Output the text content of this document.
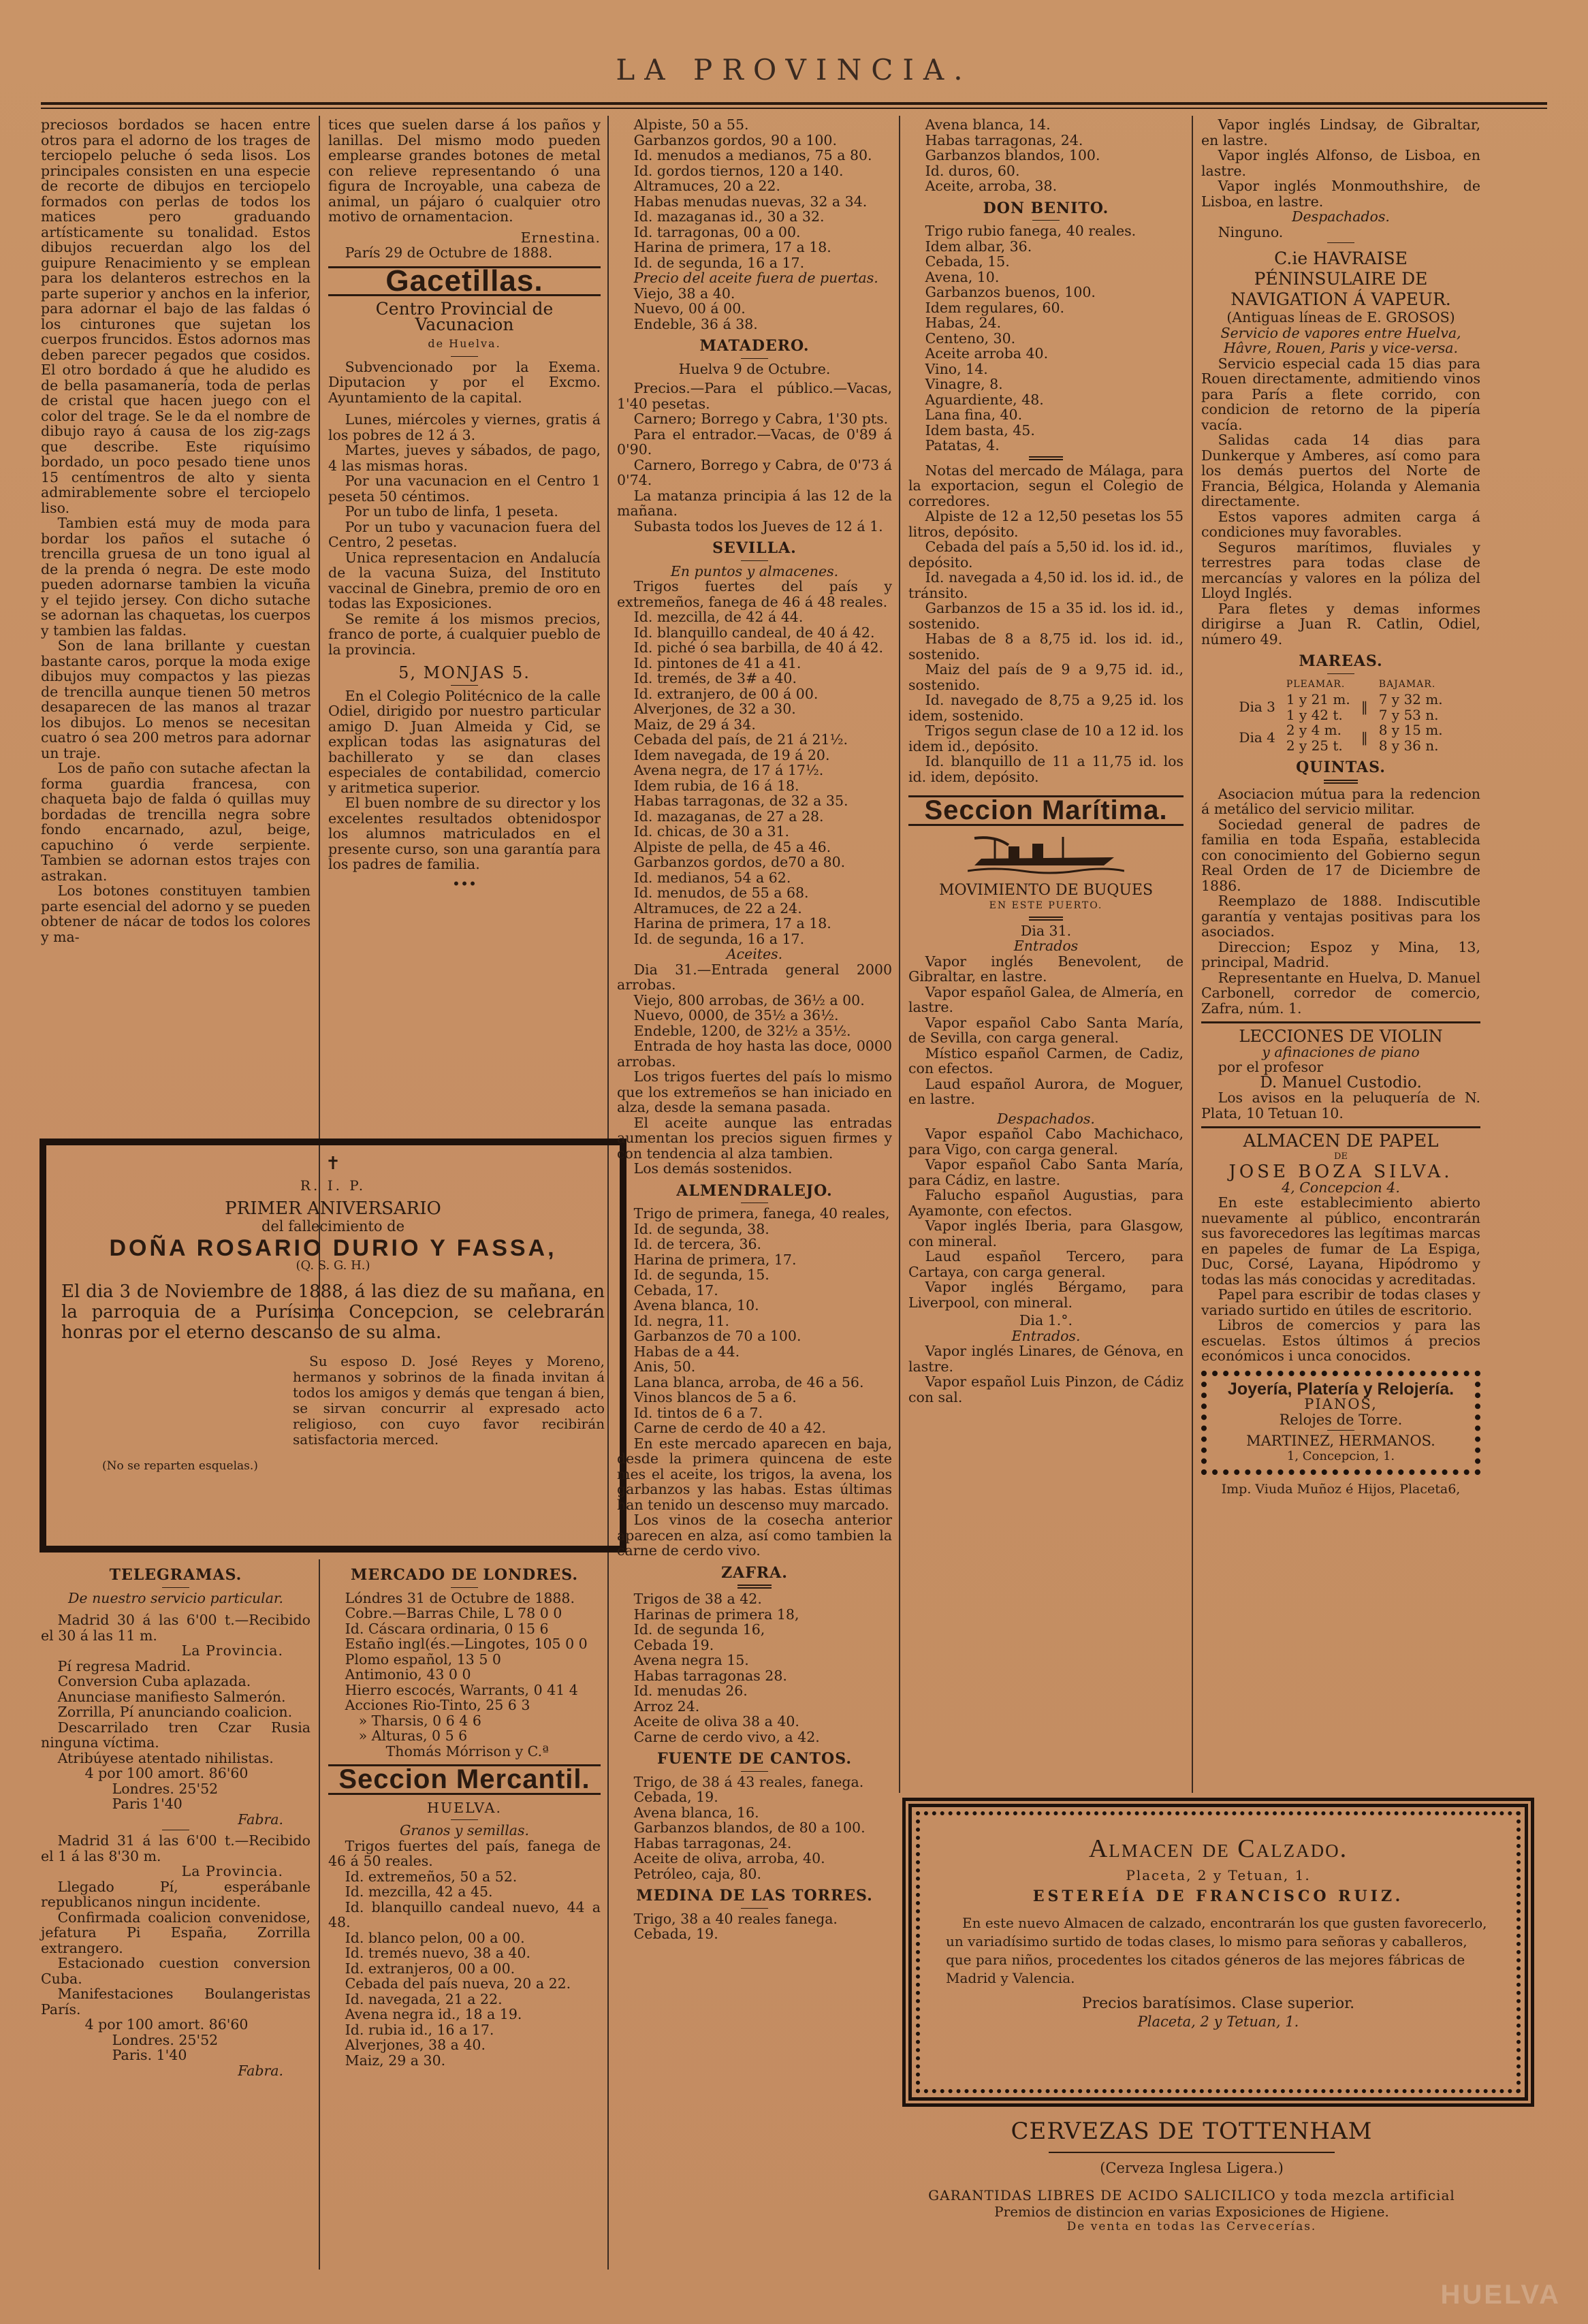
LA PROVINCIA.

preciosos bordados se hacen entre otros para el adorno de los trages de terciopelo peluche ó seda lisos. Los principales consisten en una especie de recorte de dibujos en terciopelo formados con perlas de todos los matices pero graduando artísticamente su tonalidad. Estos dibujos recuerdan algo los del guipure Renacimiento y se emplean para los delanteros estrechos en la parte superior y anchos en la inferior, para adornar el bajo de las faldas ó los cinturones que sujetan los cuerpos fruncidos. Estos adornos mas deben parecer pegados que cosidos. El otro bordado á que he aludido es de bella pasamanería, toda de perlas de cristal que hacen juego con el color del trage. Se le da el nombre de dibujo rayo á causa de los zig-zags que describe. Este riquísimo bordado, un poco pesado tiene unos 15 centímentros de alto y sienta admirablemente sobre el terciopelo liso.

Tambien está muy de moda para bordar los paños el sutache ó trencilla gruesa de un tono igual al de la prenda ó negra. De este modo pueden adornarse tambien la vicuña y el tejido jersey. Con dicho sutache se adornan las chaquetas, los cuerpos y tambien las faldas.

Son de lana brillante y cuestan bastante caros, porque la moda exige dibujos muy compactos y las piezas de trencilla aunque tienen 50 metros desaparecen de las manos al trazar los dibujos. Lo menos se necesitan cuatro ó sea 200 metros para adornar un traje.

Los de paño con sutache afectan la forma guardia francesa, con chaqueta bajo de falda ó quillas muy bordadas de trencilla negra sobre fondo encarnado, azul, beige, capuchino ó verde serpiente. Tambien se adornan estos trajes con astrakan.

Los botones constituyen tambien parte esencial del adorno y se pueden obtener de nácar de todos los colores y ma-

tices que suelen darse á los paños y lanillas. Del mismo modo pueden emplearse grandes botones de metal con relieve representando ó una figura de Incroyable, una cabeza de animal, un pájaro ó cualquier otro motivo de ornamentacion.

Ernestina.

París 29 de Octubre de 1888.

Gacetillas.
Centro Provincial de Vacunacion
de Huelva.

Subvencionado por la Exema. Diputacion y por el Excmo. Ayuntamiento de la capital.

Lunes, miércoles y viernes, gratis á los pobres de 12 á 3.

Martes, jueves y sábados, de pago, 4 las mismas horas.

Por una vacunacion en el Centro 1 peseta 50 céntimos.

Por un tubo de linfa, 1 peseta.

Por un tubo y vacunacion fuera del Centro, 2 pesetas.

Unica representacion en Andalucía de la vacuna Suiza, del Instituto vaccinal de Ginebra, premio de oro en todas las Exposiciones.

Se remite á los mismos precios, franco de porte, á cualquier pueblo de la provincia.

5, MONJAS 5.

En el Colegio Politécnico de la calle Odiel, dirigido por nuestro particular amigo D. Juan Almeida y Cid, se explican todas las asignaturas del bachillerato y se dan clases especiales de contabilidad, comercio y aritmetica superior.

El buen nombre de su director y los excelentes resultados obtenidospor los alumnos matriculados en el presente curso, son una garantía para los padres de familia.

•••
✝
R. I. P.
PRIMER ANIVERSARIO
del fallecimiento de
DOÑA ROSARIO DURIO Y FASSA,
(Q. S. G. H.)
El dia 3 de Noviembre de 1888, á las diez de su mañana, en la parroquia de a Purísima Concepcion, se celebrarán honras por el eterno descanso de su alma.
Su esposo D. José Reyes y Moreno, hermanos y sobrinos de la finada invitan á todos los amigos y demás que tengan á bien, se sirvan concurrir al expresado acto religioso, con cuyo favor recibirán satisfactoria merced.
(No se reparten esquelas.)
TELEGRAMAS.
De nuestro servicio particular.

Madrid 30 á las 6'00 t.—Recibido el 30 á las 11 m.

La Provincia.

Pí regresa Madrid.

Conversion Cuba aplazada.

Anunciase manifiesto Salmerón.

Zorrilla, Pí anunciando coalicion.

Descarrilado tren Czar Rusia ninguna víctima.

Atribúyese atentado nihilistas.

4 por 100 amort. 86'60

Londres. 25'52

Paris 1'40

Fabra.

Madrid 31 á las 6'00 t.—Recibido el 1 á las 8'30 m.

La Provincia.

Llegado Pí, esperábanle republicanos ningun incidente.

Confirmada coalicion convenidose, jefatura Pi España, Zorrilla extrangero.

Estacionado cuestion conversion Cuba.

Manifestaciones Boulangeristas París.

4 por 100 amort. 86'60

Londres. 25'52

Paris. 1'40

Fabra.

MERCADO DE LONDRES.

Lóndres 31 de Octubre de 1888.

Cobre.—Barras Chile, L 78 0 0

Id. Cáscara ordinaria, 0 15 6

Estaño ingl(és.—Lingotes, 105 0 0

Plomo español, 13 5 0

Antimonio, 43 0 0

Hierro escocés, Warrants, 0 41 4

Acciones Rio-Tinto, 25 6 3

» Tharsis, 0 6 4 6

» Alturas, 0 5 6

Thomás Mórrison y C.ª

Seccion Mercantil.
HUELVA.
Granos y semillas.

Trigos fuertes del país, fanega de 46 á 50 reales.

Id. extremeños, 50 a 52.

Id. mezcilla, 42 a 45.

Id. blanquillo candeal nuevo, 44 a 48.

Id. blanco pelon, 00 a 00.

Id. tremés nuevo, 38 a 40.

Id. extranjeros, 00 a 00.

Cebada del país nueva, 20 a 22.

Id. navegada, 21 a 22.

Avena negra id., 18 a 19.

Id. rubia id., 16 a 17.

Alverjones, 38 a 40.

Maiz, 29 a 30.

Alpiste, 50 a 55.

Garbanzos gordos, 90 a 100.

Id. menudos a medianos, 75 a 80.

Id. gordos tiernos, 120 a 140.

Altramuces, 20 a 22.

Habas menudas nuevas, 32 a 34.

Id. mazaganas id., 30 a 32.

Id. tarragonas, 00 a 00.

Harina de primera, 17 a 18.

Id. de segunda, 16 a 17.

Precio del aceite fuera de puertas.

Viejo, 38 a 40.

Nuevo, 00 á 00.

Endeble, 36 á 38.

MATADERO.
Huelva 9 de Octubre.

Precios.—Para el público.—Vacas, 1'40 pesetas.

Carnero; Borrego y Cabra, 1'30 pts.

Para el entrador.—Vacas, de 0'89 á 0'90.

Carnero, Borrego y Cabra, de 0'73 á 0'74.

La matanza principia á las 12 de la mañana.

Subasta todos los Jueves de 12 á 1.

SEVILLA.
En puntos y almacenes.

Trigos fuertes del país y extremeños, fanega de 46 á 48 reales.

Id. mezcilla, de 42 á 44.

Id. blanquillo candeal, de 40 á 42.

Id. piché ó sea barbilla, de 40 á 42.

Id. pintones de 41 a 41.

Id. tremés, de 3# a 40.

Id. extranjero, de 00 á 00.

Alverjones, de 32 a 30.

Maiz, de 29 á 34.

Cebada del país, de 21 á 21½.

Idem navegada, de 19 á 20.

Avena negra, de 17 á 17½.

Idem rubia, de 16 á 18.

Habas tarragonas, de 32 a 35.

Id. mazaganas, de 27 a 28.

Id. chicas, de 30 a 31.

Alpiste de pella, de 45 a 46.

Garbanzos gordos, de70 a 80.

Id. medianos, 54 a 62.

Id. menudos, de 55 a 68.

Altramuces, de 22 a 24.

Harina de primera, 17 a 18.

Id. de segunda, 16 a 17.

Aceites.

Dia 31.—Entrada general 2000 arrobas.

Viejo, 800 arrobas, de 36½ a 00.

Nuevo, 0000, de 35½ a 36½.

Endeble, 1200, de 32½ a 35½.

Entrada de hoy hasta las doce, 0000 arrobas.

Los trigos fuertes del país lo mismo que los extremeños se han iniciado en alza, desde la semana pasada.

El aceite aunque las entradas aumentan los precios siguen firmes y con tendencia al alza tambien.

Los demás sostenidos.

ALMENDRALEJO.

Trigo de primera, fanega, 40 reales,

Id. de segunda, 38.

Id. de tercera, 36.

Harina de primera, 17.

Id. de segunda, 15.

Cebada, 17.

Avena blanca, 10.

Id. negra, 11.

Garbanzos de 70 a 100.

Habas de a 44.

Anis, 50.

Lana blanca, arroba, de 46 a 56.

Vinos blancos de 5 a 6.

Id. tintos de 6 a 7.

Carne de cerdo de 40 a 42.

En este mercado aparecen en baja, desde la primera quincena de este mes el aceite, los trigos, la avena, los garbanzos y las habas. Estas últimas han tenido un descenso muy marcado.

Los vinos de la cosecha anterior aparecen en alza, así como tambien la carne de cerdo vivo.

ZAFRA.

Trigos de 38 a 42.

Harinas de primera 18,

Id. de segunda 16,

Cebada 19.

Avena negra 15.

Habas tarragonas 28.

Id. menudas 26.

Arroz 24.

Aceite de oliva 38 a 40.

Carne de cerdo vivo, a 42.

FUENTE DE CANTOS.

Trigo, de 38 á 43 reales, fanega.

Cebada, 19.

Avena blanca, 16.

Garbanzos blandos, de 80 a 100.

Habas tarragonas, 24.

Aceite de oliva, arroba, 40.

Petróleo, caja, 80.

MEDINA DE LAS TORRES.

Trigo, 38 a 40 reales fanega.

Cebada, 19.

Avena blanca, 14.

Habas tarragonas, 24.

Garbanzos blandos, 100.

Id. duros, 60.

Aceite, arroba, 38.

DON BENITO.

Trigo rubio fanega, 40 reales.

Idem albar, 36.

Cebada, 15.

Avena, 10.

Garbanzos buenos, 100.

Idem regulares, 60.

Habas, 24.

Centeno, 30.

Aceite arroba 40.

Vino, 14.

Vinagre, 8.

Aguardiente, 48.

Lana fina, 40.

Idem basta, 45.

Patatas, 4.

Notas del mercado de Málaga, para la exportacion, segun el Colegio de corredores.

Alpiste de 12 a 12,50 pesetas los 55 litros, depósito.

Cebada del país a 5,50 id. los id. id., depósito.

Id. navegada a 4,50 id. los id. id., de tránsito.

Garbanzos de 15 a 35 id. los id. id., sostenido.

Habas de 8 a 8,75 id. los id. id., sostenido.

Maiz del país de 9 a 9,75 id. id., sostenido.

Id. navegado de 8,75 a 9,25 id. los idem, sostenido.

Trigos segun clase de 10 a 12 id. los idem id., depósito.

Id. blanquillo de 11 a 11,75 id. los id. idem, depósito.

Seccion Marítima.
MOVIMIENTO DE BUQUES
EN ESTE PUERTO.
Dia 31.
Entrados

Vapor inglés Benevolent, de Gibraltar, en lastre.

Vapor español Galea, de Almería, en lastre.

Vapor español Cabo Santa María, de Sevilla, con carga general.

Místico español Carmen, de Cadiz, con efectos.

Laud español Aurora, de Moguer, en lastre.

Despachados.

Vapor español Cabo Machichaco, para Vigo, con carga general.

Vapor español Cabo Santa María, para Cádiz, en lastre.

Falucho español Augustias, para Ayamonte, con efectos.

Vapor inglés Iberia, para Glasgow, con mineral.

Laud español Tercero, para Cartaya, con carga general.

Vapor inglés Bérgamo, para Liverpool, con mineral.

Dia 1.°.
Entrados.

Vapor inglés Linares, de Génova, en lastre.

Vapor español Luis Pinzon, de Cádiz con sal.

Vapor inglés Lindsay, de Gibraltar, en lastre.

Vapor inglés Alfonso, de Lisboa, en lastre.

Vapor inglés Monmouthshire, de Lisboa, en lastre.

Despachados.

Ninguno.

C.ie HAVRAISE PÉNINSULAIRE DE NAVIGATION Á VAPEUR.
(Antiguas líneas de E. GROSOS)
Servicio de vapores entre Huelva, Hâvre, Rouen, Paris y vice-versa.

Servicio especial cada 15 dias para Rouen directamente, admitiendo vinos para París a flete corrido, con condicion de retorno de la pipería vacía.

Salidas cada 14 dias para Dunkerque y Amberes, así como para los demás puertos del Norte de Francia, Bélgica, Holanda y Alemania directamente.

Estos vapores admiten carga á condiciones muy favorables.

Seguros marítimos, fluviales y terrestres para todas clase de mercancías y valores en la póliza del Lloyd Inglés.

Para fletes y demas informes dirigirse a Juan R. Catlin, Odiel, número 49.

MAREAS.
	PLEAMAR.		BAJAMAR.
Dia 3	1 y 21 m.	‖	7 y 32 m.
	1 y 42 t.		7 y 53 n.
Dia 4	2 y 4 m.	‖	8 y 15 m.
	2 y 25 t.		8 y 36 n.
QUINTAS.

Asociacion mútua para la redencion á metálico del servicio militar.

Sociedad general de padres de familia en toda España, establecida con conocimiento del Gobierno segun Real Orden de 17 de Diciembre de 1886.

Reemplazo de 1888. Indiscutible garantía y ventajas positivas para los asociados.

Direccion; Espoz y Mina, 13, principal, Madrid.

Representante en Huelva, D. Manuel Carbonell, corredor de comercio, Zafra, núm. 1.

LECCIONES DE VIOLIN
y afinaciones de piano

por el profesor

D. Manuel Custodio.

Los avisos en la peluquería de N. Plata, 10 Tetuan 10.

ALMACEN DE PAPEL
DE
JOSE BOZA SILVA.
4, Concepcion 4.

En este establecimiento abierto nuevamente al público, encontrarán sus favorecedores las legítimas marcas en papeles de fumar de La Espiga, Duc, Corsé, Layana, Hipódromo y todas las más conocidas y acreditadas.

Papel para escribir de todas clases y variado surtido en útiles de escritorio.

Libros de comercios y para las escuelas. Estos últimos á precios económicos i unca conocidos.

Joyería, Platería y Relojería.
PIANOS,
Relojes de Torre.
MARTINEZ, HERMANOS.
1, Concepcion, 1.
Imp. Viuda Muñoz é Hijos, Placeta6,
Almacen de Calzado.
Placeta, 2 y Tetuan, 1.
ESTEREÍA DE FRANCISCO RUIZ.
En este nuevo Almacen de calzado, encontrarán los que gusten favorecerlo, un variadísimo surtido de todas clases, lo mismo para señoras y caballeros, que para niños, procedentes los citados géneros de las mejores fábricas de Madrid y Valencia.
Precios baratísimos. Clase superior.
Placeta, 2 y Tetuan, 1.
CERVEZAS DE TOTTENHAM
(Cerveza Inglesa Ligera.)
GARANTIDAS LIBRES DE ACIDO SALICILICO y toda mezcla artificial
Premios de distincion en varias Exposiciones de Higiene.
De venta en todas las Cervecerías.
HUELVA
